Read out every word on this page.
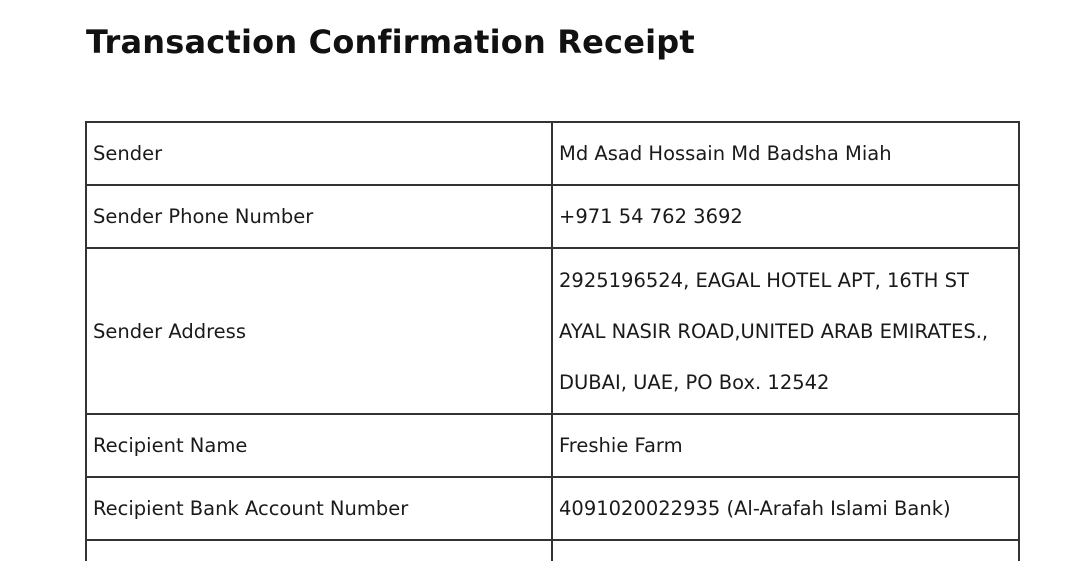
Transaction Confirmation Receipt
Sender	Md Asad Hossain Md Badsha Miah
Sender Phone Number	+971 54 762 3692
Sender Address	2925196524, EAGAL HOTEL APT, 16TH ST
AYAL NASIR ROAD,UNITED ARAB EMIRATES.,
DUBAI, UAE, PO Box. 12542

Recipient Name	Freshie Farm
Recipient Bank Account Number	4091020022935 (Al-Arafah Islami Bank)
